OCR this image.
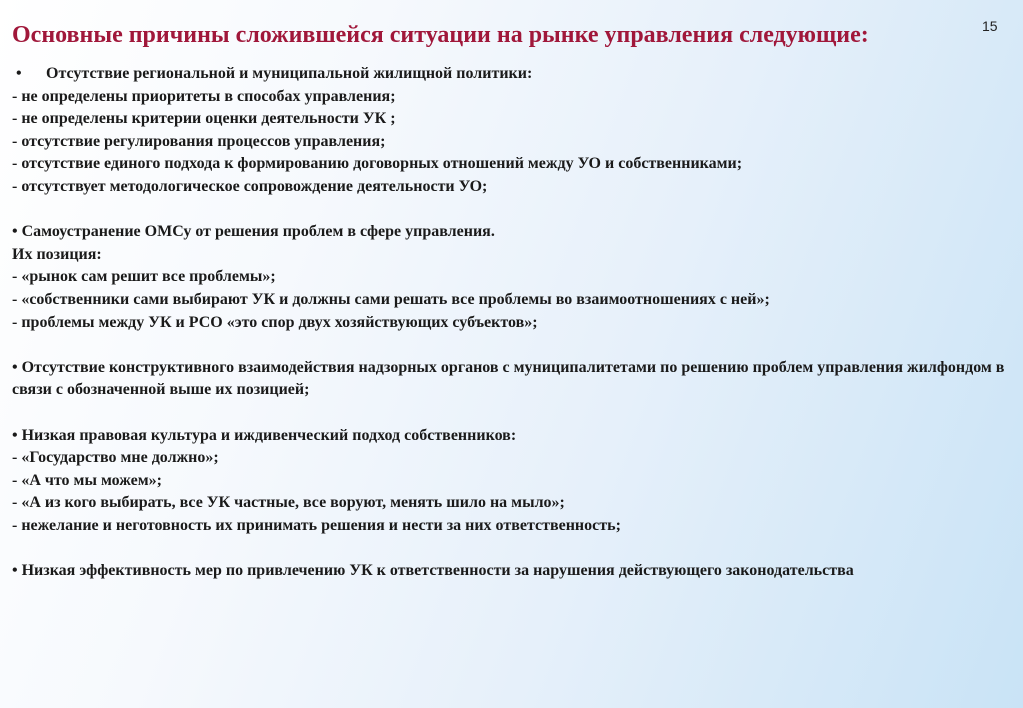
Основные причины сложившейся ситуации на рынке управления следующие:	15
• Отсутствие региональной и муниципальной жилищной политики:
- не определены приоритеты в способах управления;
- не определены критерии оценки деятельности УК ;
- отсутствие регулирования процессов управления;
- отсутствие единого подхода к формированию договорных отношений между УО и собственниками;
- отсутствует методологическое сопровождение деятельности УО;
• Самоустранение ОМСу от решения проблем в сфере управления.
Их позиция:
- «рынок сам решит все проблемы»;
- «собственники сами выбирают УК и должны сами решать все проблемы во взаимоотношениях с ней»;
- проблемы между УК и РСО «это спор двух хозяйствующих субъектов»;
• Отсутствие конструктивного взаимодействия надзорных органов с муниципалитетами по решению проблем управления жилфондом в связи с обозначенной выше их позицией;
• Низкая правовая культура и иждивенческий подход собственников:
- «Государство мне должно»;
- «А что мы можем»;
- «А из кого выбирать, все УК частные, все воруют, менять шило на мыло»;
- нежелание и неготовность их принимать решения и нести за них ответственность;
• Низкая эффективность мер по привлечению УК к ответственности за нарушения действующего законодательства
